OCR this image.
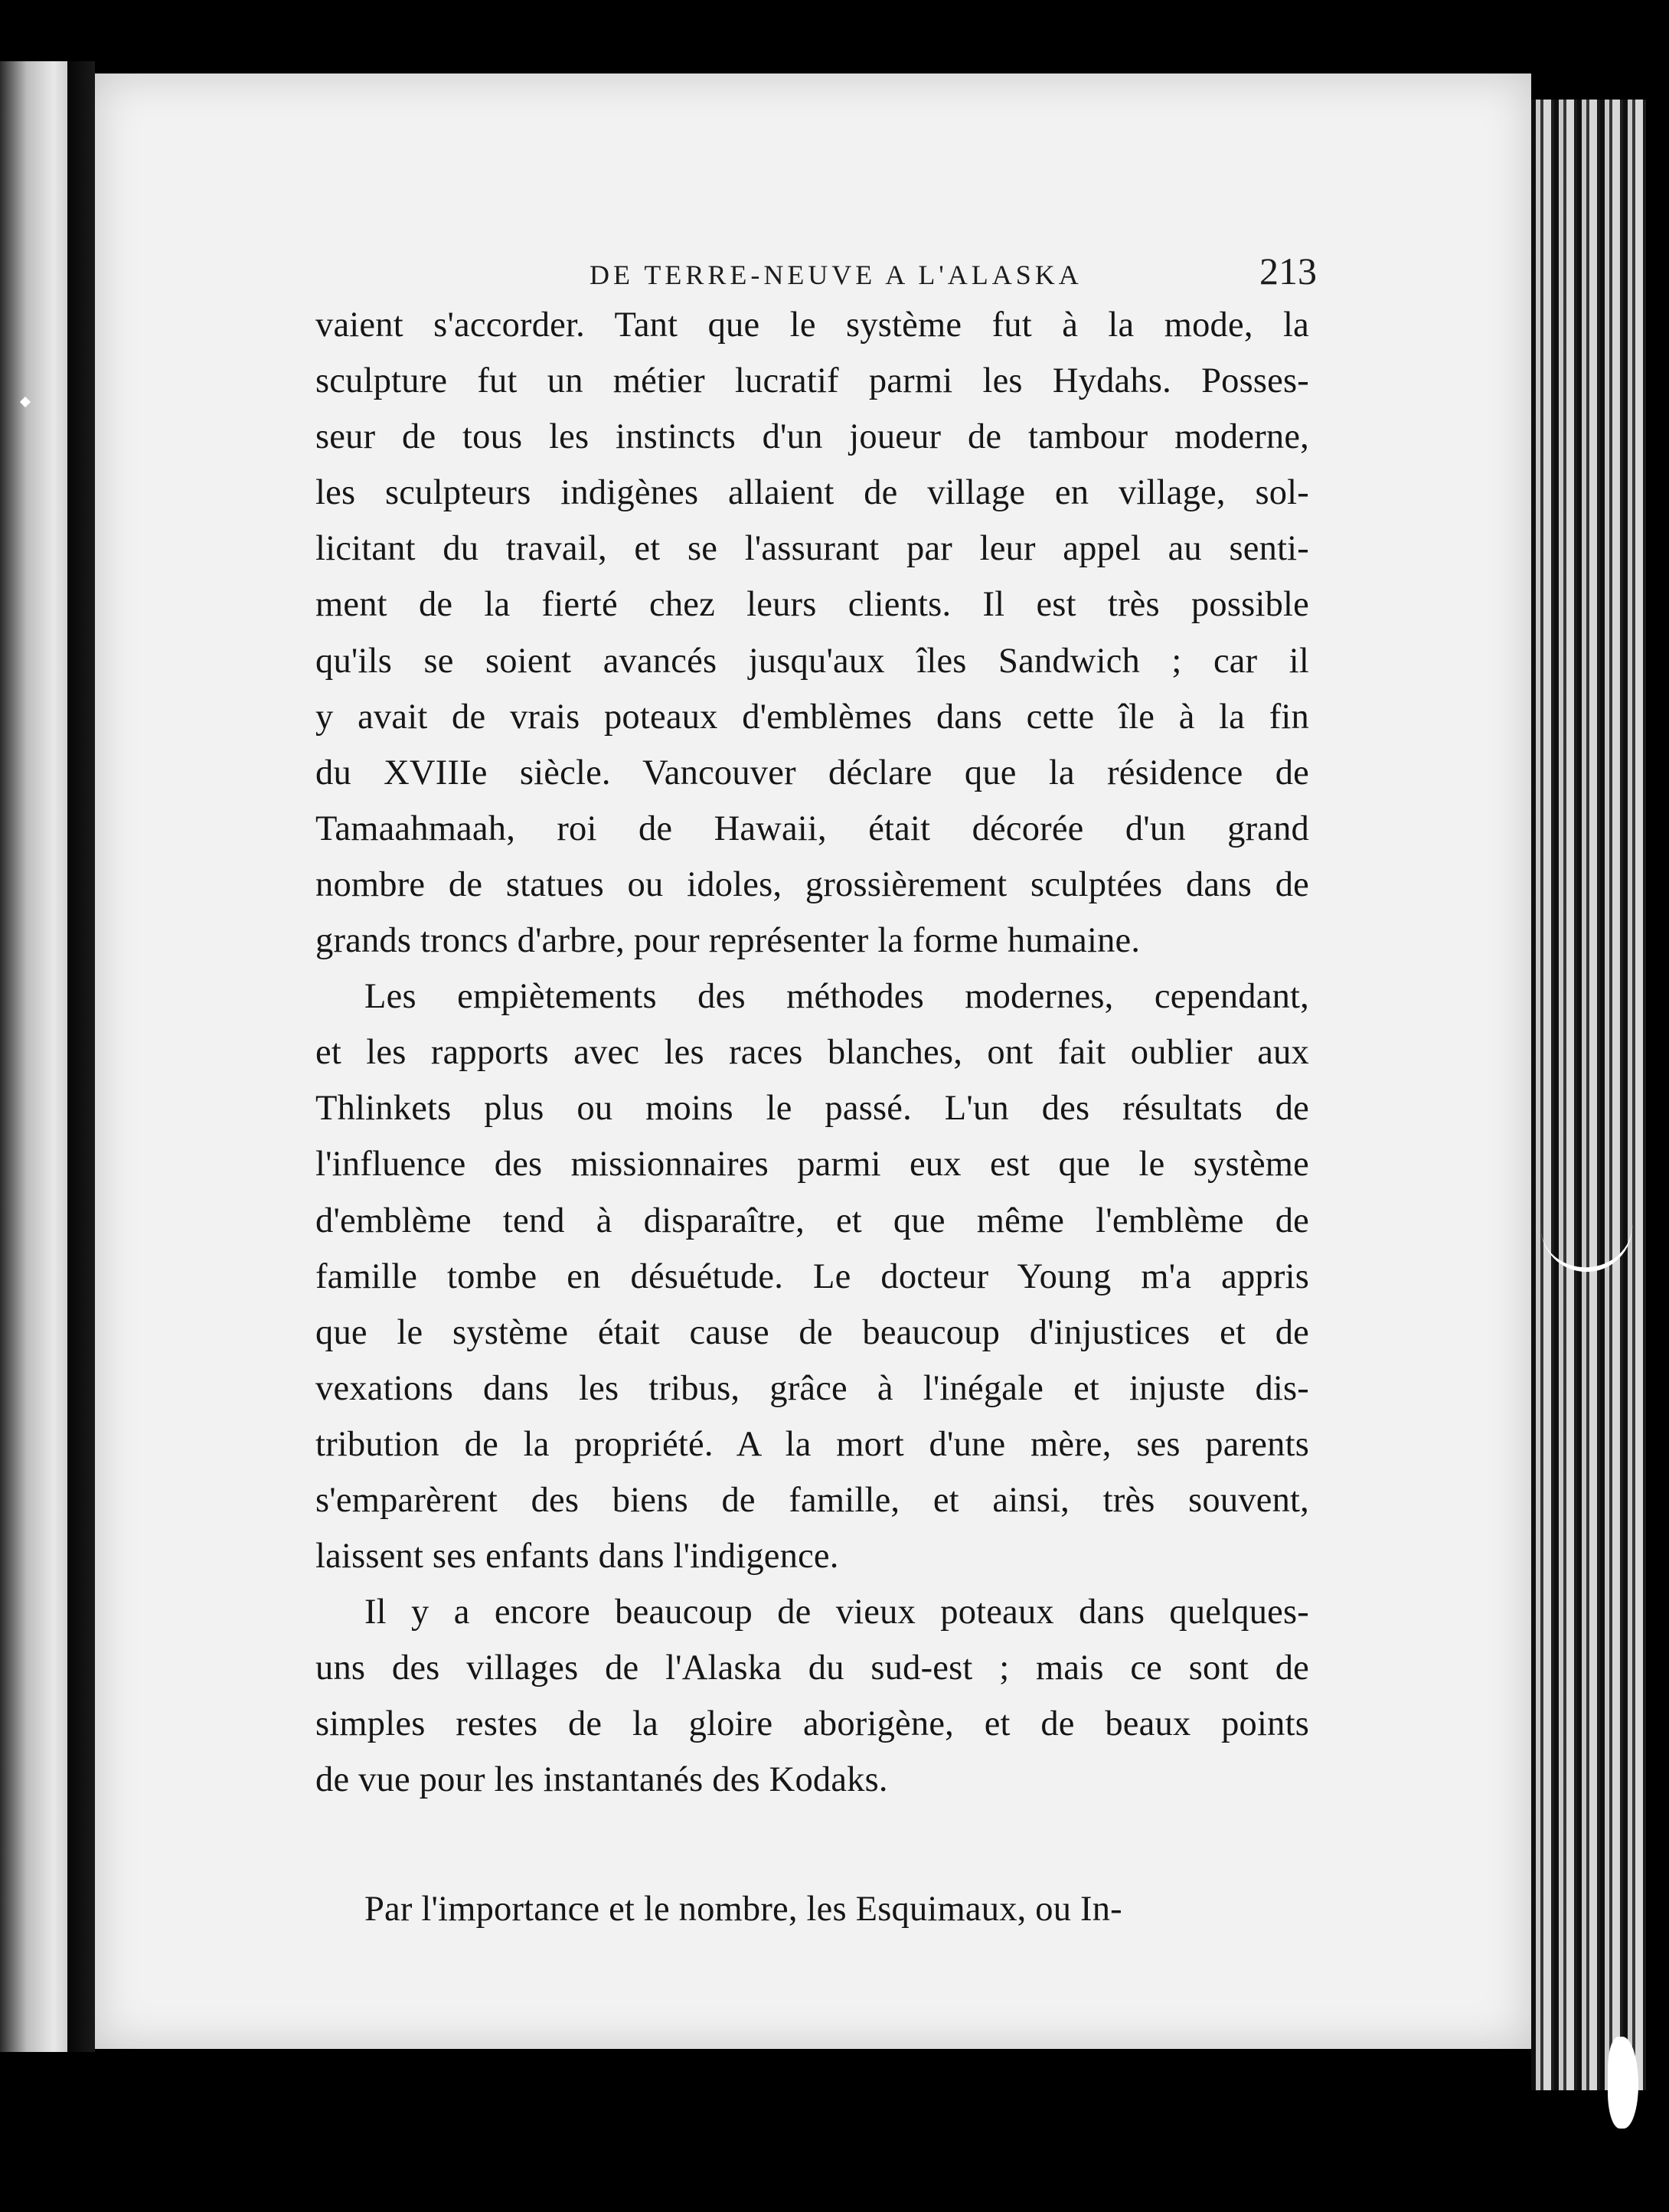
DE TERRE-NEUVE A L'ALASKA	213
vaient s'accorder. Tant que le système fut à la mode, la
sculpture fut un métier lucratif parmi les Hydahs. Posses-
seur de tous les instincts d'un joueur de tambour moderne,
les sculpteurs indigènes allaient de village en village, sol-
licitant du travail, et se l'assurant par leur appel au senti-
ment de la fierté chez leurs clients. Il est très possible
qu'ils se soient avancés jusqu'aux îles Sandwich ; car il
y avait de vrais poteaux d'emblèmes dans cette île à la fin
du XVIIIe siècle. Vancouver déclare que la résidence de
Tamaahmaah, roi de Hawaii, était décorée d'un grand
nombre de statues ou idoles, grossièrement sculptées dans de
grands troncs d'arbre, pour représenter la forme humaine.
Les empiètements des méthodes modernes, cependant,
et les rapports avec les races blanches, ont fait oublier aux
Thlinkets plus ou moins le passé. L'un des résultats de
l'influence des missionnaires parmi eux est que le système
d'emblème tend à disparaître, et que même l'emblème de
famille tombe en désuétude. Le docteur Young m'a appris
que le système était cause de beaucoup d'injustices et de
vexations dans les tribus, grâce à l'inégale et injuste dis-
tribution de la propriété. A la mort d'une mère, ses parents
s'emparèrent des biens de famille, et ainsi, très souvent,
laissent ses enfants dans l'indigence.
Il y a encore beaucoup de vieux poteaux dans quelques-
uns des villages de l'Alaska du sud-est ; mais ce sont de
simples restes de la gloire aborigène, et de beaux points
de vue pour les instantanés des Kodaks.
Par l'importance et le nombre, les Esquimaux, ou In-
